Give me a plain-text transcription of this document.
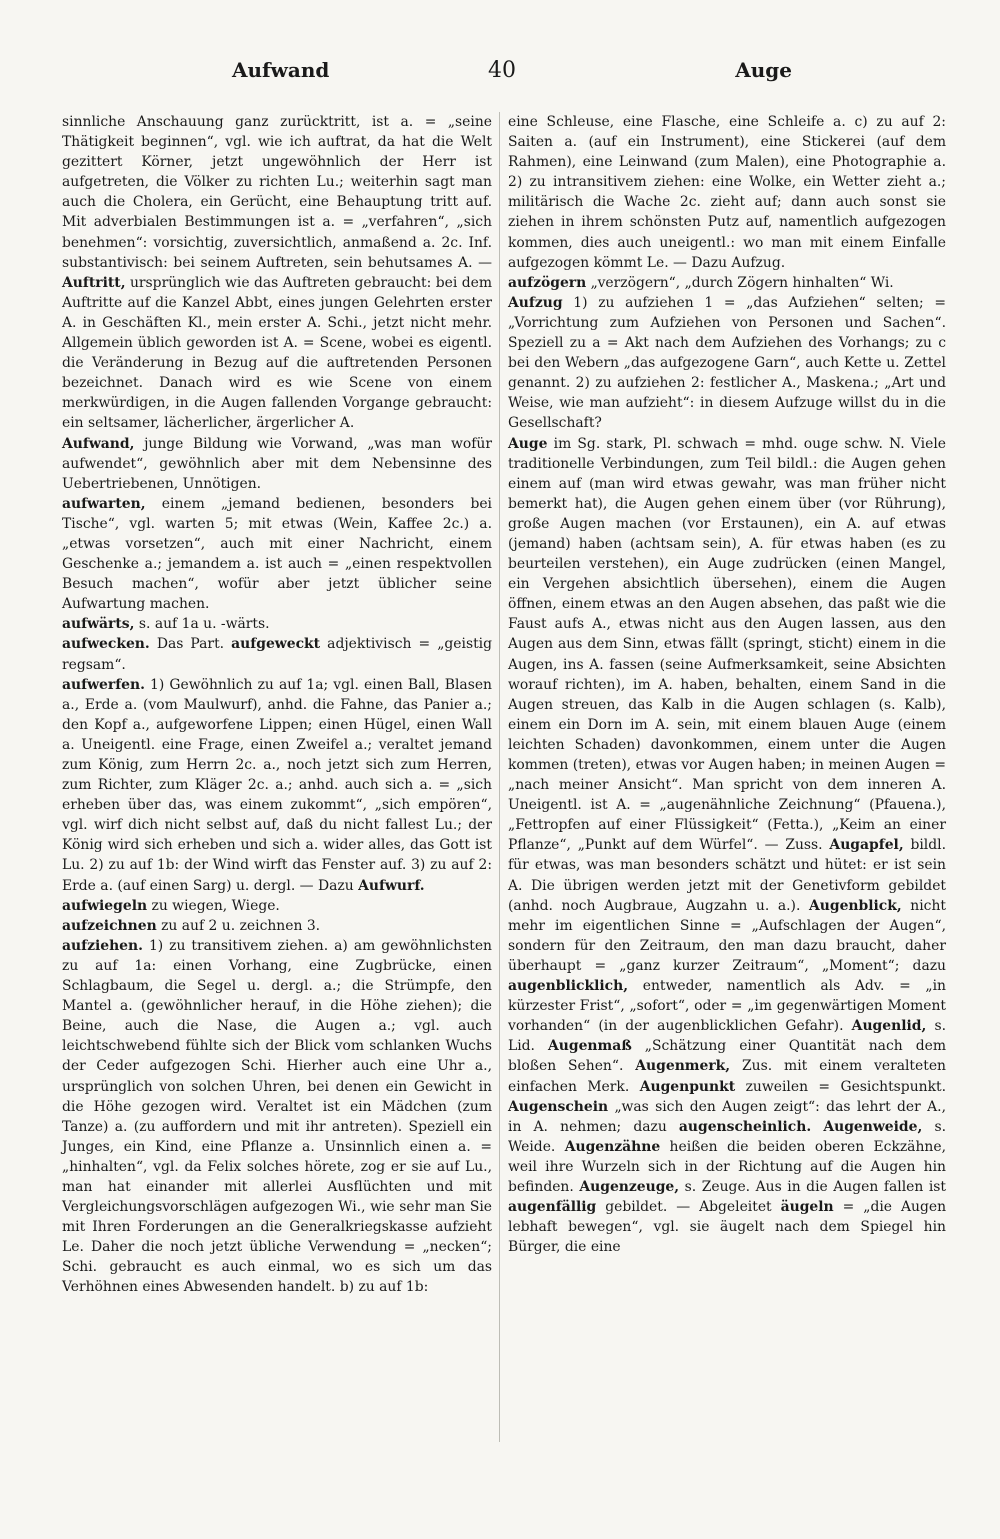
Aufwand	40	Auge

sinnliche Anschauung ganz zurücktritt, ist a. = „seine Thätigkeit beginnen“, vgl. wie ich auftrat, da hat die Welt gezittert Körner, jetzt ungewöhnlich der Herr ist aufgetreten, die Völker zu richten Lu.; weiterhin sagt man auch die Cholera, ein Gerücht, eine Behauptung tritt auf. Mit adverbialen Bestimmungen ist a. = „verfahren“, „sich benehmen“: vorsichtig, zuversichtlich, anmaßend a. 2c. Inf. substantivisch: bei seinem Auftreten, sein behutsames A. — Auftritt, ursprünglich wie das Auftreten gebraucht: bei dem Auftritte auf die Kanzel Abbt, eines jungen Gelehrten erster A. in Geschäften Kl., mein erster A. Schi., jetzt nicht mehr. Allgemein üblich geworden ist A. = Scene, wobei es eigentl. die Veränderung in Bezug auf die auftretenden Personen bezeichnet. Danach wird es wie Scene von einem merkwürdigen, in die Augen fallenden Vorgange gebraucht: ein seltsamer, lächerlicher, ärgerlicher A.

Aufwand, junge Bildung wie Vorwand, „was man wofür aufwendet“, gewöhnlich aber mit dem Nebensinne des Uebertriebenen, Unnötigen.

aufwarten, einem „jemand bedienen, besonders bei Tische“, vgl. warten 5; mit etwas (Wein, Kaffee 2c.) a. „etwas vorsetzen“, auch mit einer Nachricht, einem Geschenke a.; jemandem a. ist auch = „einen respektvollen Besuch machen“, wofür aber jetzt üblicher seine Aufwartung machen.

aufwärts, s. auf 1a u. -wärts.

aufwecken. Das Part. aufgeweckt adjektivisch = „geistig regsam“.

aufwerfen. 1) Gewöhnlich zu auf 1a; vgl. einen Ball, Blasen a., Erde a. (vom Maulwurf), anhd. die Fahne, das Panier a.; den Kopf a., aufgeworfene Lippen; einen Hügel, einen Wall a. Uneigentl. eine Frage, einen Zweifel a.; veraltet jemand zum König, zum Herrn 2c. a., noch jetzt sich zum Herren, zum Richter, zum Kläger 2c. a.; anhd. auch sich a. = „sich erheben über das, was einem zukommt“, „sich empören“, vgl. wirf dich nicht selbst auf, daß du nicht fallest Lu.; der König wird sich erheben und sich a. wider alles, das Gott ist Lu. 2) zu auf 1b: der Wind wirft das Fenster auf. 3) zu auf 2: Erde a. (auf einen Sarg) u. dergl. — Dazu Aufwurf.

aufwiegeln zu wiegen, Wiege.

aufzeichnen zu auf 2 u. zeichnen 3.

aufziehen. 1) zu transitivem ziehen. a) am gewöhnlichsten zu auf 1a: einen Vorhang, eine Zugbrücke, einen Schlagbaum, die Segel u. dergl. a.; die Strümpfe, den Mantel a. (gewöhnlicher herauf, in die Höhe ziehen); die Beine, auch die Nase, die Augen a.; vgl. auch leichtschwebend fühlte sich der Blick vom schlanken Wuchs der Ceder aufgezogen Schi. Hierher auch eine Uhr a., ursprünglich von solchen Uhren, bei denen ein Gewicht in die Höhe gezogen wird. Veraltet ist ein Mädchen (zum Tanze) a. (zu auffordern und mit ihr antreten). Speziell ein Junges, ein Kind, eine Pflanze a. Unsinnlich einen a. = „hinhalten“, vgl. da Felix solches hörete, zog er sie auf Lu., man hat einander mit allerlei Ausflüchten und mit Vergleichungsvorschlägen aufgezogen Wi., wie sehr man Sie mit Ihren Forderungen an die Generalkriegskasse aufzieht Le. Daher die noch jetzt übliche Verwendung = „necken“; Schi. gebraucht es auch einmal, wo es sich um das Verhöhnen eines Abwesenden handelt. b) zu auf 1b:

eine Schleuse, eine Flasche, eine Schleife a. c) zu auf 2: Saiten a. (auf ein Instrument), eine Stickerei (auf dem Rahmen), eine Leinwand (zum Malen), eine Photographie a. 2) zu intransitivem ziehen: eine Wolke, ein Wetter zieht a.; militärisch die Wache 2c. zieht auf; dann auch sonst sie ziehen in ihrem schönsten Putz auf, namentlich aufgezogen kommen, dies auch uneigentl.: wo man mit einem Einfalle aufgezogen kömmt Le. — Dazu Aufzug.

aufzögern „verzögern“, „durch Zögern hinhalten“ Wi.

Aufzug 1) zu aufziehen 1 = „das Aufziehen“ selten; = „Vorrichtung zum Aufziehen von Personen und Sachen“. Speziell zu a = Akt nach dem Aufziehen des Vorhangs; zu c bei den Webern „das aufgezogene Garn“, auch Kette u. Zettel genannt. 2) zu aufziehen 2: festlicher A., Maskena.; „Art und Weise, wie man aufzieht“: in diesem Aufzuge willst du in die Gesellschaft?

Auge im Sg. stark, Pl. schwach = mhd. ouge schw. N. Viele traditionelle Verbindungen, zum Teil bildl.: die Augen gehen einem auf (man wird etwas gewahr, was man früher nicht bemerkt hat), die Augen gehen einem über (vor Rührung), große Augen machen (vor Erstaunen), ein A. auf etwas (jemand) haben (achtsam sein), A. für etwas haben (es zu beurteilen verstehen), ein Auge zudrücken (einen Mangel, ein Vergehen absichtlich übersehen), einem die Augen öffnen, einem etwas an den Augen absehen, das paßt wie die Faust aufs A., etwas nicht aus den Augen lassen, aus den Augen aus dem Sinn, etwas fällt (springt, sticht) einem in die Augen, ins A. fassen (seine Aufmerksamkeit, seine Absichten worauf richten), im A. haben, behalten, einem Sand in die Augen streuen, das Kalb in die Augen schlagen (s. Kalb), einem ein Dorn im A. sein, mit einem blauen Auge (einem leichten Schaden) davonkommen, einem unter die Augen kommen (treten), etwas vor Augen haben; in meinen Augen = „nach meiner Ansicht“. Man spricht von dem inneren A. Uneigentl. ist A. = „augenähnliche Zeichnung“ (Pfauena.), „Fettropfen auf einer Flüssigkeit“ (Fetta.), „Keim an einer Pflanze“, „Punkt auf dem Würfel“. — Zuss. Augapfel, bildl. für etwas, was man besonders schätzt und hütet: er ist sein A. Die übrigen werden jetzt mit der Genetivform gebildet (anhd. noch Augbraue, Augzahn u. a.). Augenblick, nicht mehr im eigentlichen Sinne = „Aufschlagen der Augen“, sondern für den Zeitraum, den man dazu braucht, daher überhaupt = „ganz kurzer Zeitraum“, „Moment“; dazu augenblicklich, entweder, namentlich als Adv. = „in kürzester Frist“, „sofort“, oder = „im gegenwärtigen Moment vorhanden“ (in der augenblicklichen Gefahr). Augenlid, s. Lid. Augenmaß „Schätzung einer Quantität nach dem bloßen Sehen“. Augenmerk, Zus. mit einem veralteten einfachen Merk. Augenpunkt zuweilen = Gesichtspunkt. Augenschein „was sich den Augen zeigt“: das lehrt der A., in A. nehmen; dazu augenscheinlich. Augenweide, s. Weide. Augenzähne heißen die beiden oberen Eckzähne, weil ihre Wurzeln sich in der Richtung auf die Augen hin befinden. Augenzeuge, s. Zeuge. Aus in die Augen fallen ist augenfällig gebildet. — Abgeleitet äugeln = „die Augen lebhaft bewegen“, vgl. sie äugelt nach dem Spiegel hin Bürger, die eine
